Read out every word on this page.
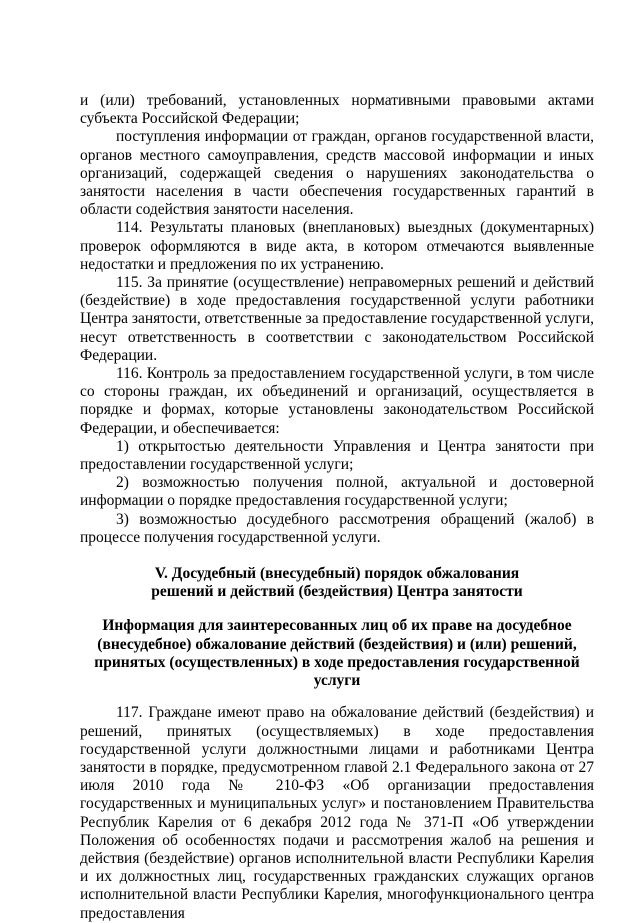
и (или) требований, установленных нормативными правовыми актами субъекта Российской Федерации;

поступления информации от граждан, органов государственной власти, органов местного самоуправления, средств массовой информации и иных организаций, содержащей сведения о нарушениях законодательства о занятости населения в части обеспечения государственных гарантий в области содействия занятости населения.

114. Результаты плановых (внеплановых) выездных (документарных) проверок оформляются в виде акта, в котором отмечаются выявленные недостатки и предложения по их устранению.

115. За принятие (осуществление) неправомерных решений и действий (бездействие) в ходе предоставления государственной услуги работники Центра занятости, ответственные за предоставление государственной услуги, несут ответственность в соответствии с законодательством Российской Федерации.

116. Контроль за предоставлением государственной услуги, в том числе со стороны граждан, их объединений и организаций, осуществляется в порядке и формах, которые установлены законодательством Российской Федерации, и обеспечивается:

1) открытостью деятельности Управления и Центра занятости при предоставлении государственной услуги;

2) возможностью получения полной, актуальной и достоверной информации о порядке предоставления государственной услуги;

3) возможностью досудебного рассмотрения обращений (жалоб) в процессе получения государственной услуги.

V. Досудебный (внесудебный) порядок обжалования
решений и действий (бездействия) Центра занятости

Информация для заинтересованных лиц об их праве на досудебное
(внесудебное) обжалование действий (бездействия) и (или) решений,
принятых (осуществленных) в ходе предоставления государственной
услуги

117. Граждане имеют право на обжалование действий (бездействия) и решений, принятых (осуществляемых) в ходе предоставления государственной услуги должностными лицами и работниками Центра занятости в порядке, предусмотренном главой 2.1 Федерального закона от 27 июля 2010 года № 210-ФЗ «Об организации предоставления государственных и муниципальных услуг» и постановлением Правительства Республик Карелия от 6 декабря 2012 года № 371-П «Об утверждении Положения об особенностях подачи и рассмотрения жалоб на решения и действия (бездействие) органов исполнительной власти Республики Карелия и их должностных лиц, государственных гражданских служащих органов исполнительной власти Республики Карелия, многофункционального центра предоставления
